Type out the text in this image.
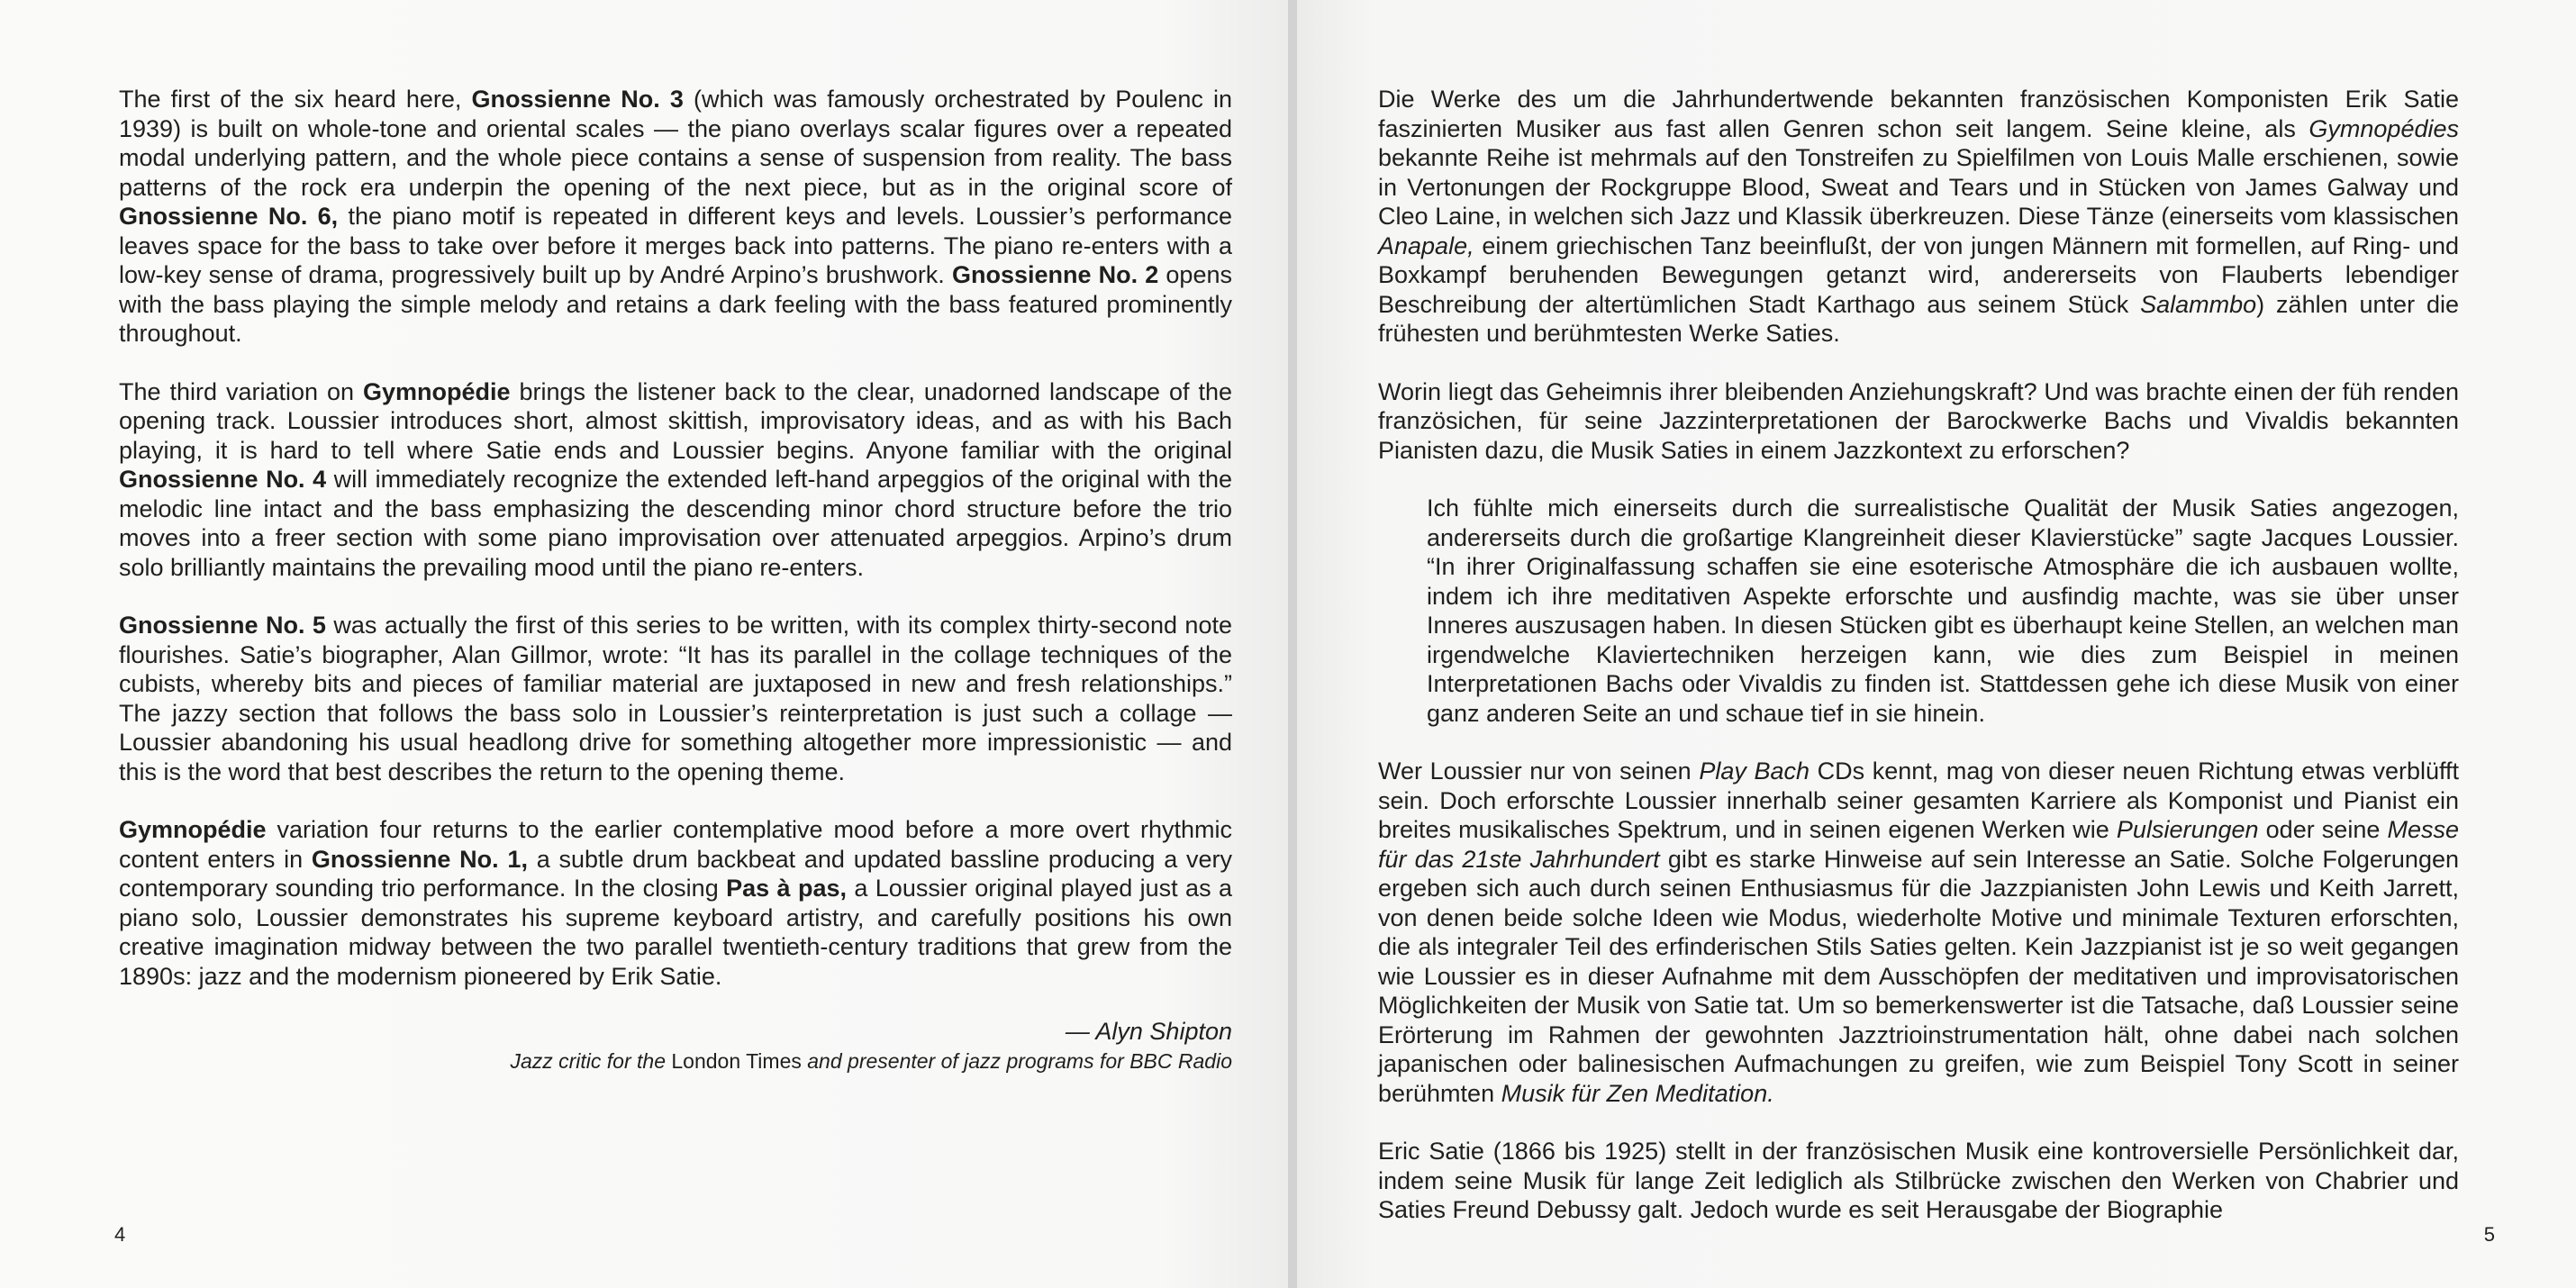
The first of the six heard here, Gnossienne No. 3 (which was famously orchestrated by Poulenc in 1939) is built on whole-tone and oriental scales — the piano overlays scalar figures over a repeated modal underlying pattern, and the whole piece contains a sense of suspension from reality. The bass patterns of the rock era underpin the opening of the next piece, but as in the original score of Gnossienne No. 6, the piano motif is repeated in different keys and levels. Loussier’s performance leaves space for the bass to take over before it merges back into patterns. The piano re-enters with a low-key sense of drama, progressively built up by André Arpino’s brushwork. Gnossienne No. 2 opens with the bass playing the simple melody and retains a dark feeling with the bass featured prominently throughout.

The third variation on Gymnopédie brings the listener back to the clear, unadorned landscape of the opening track. Loussier introduces short, almost skittish, improvisatory ideas, and as with his Bach playing, it is hard to tell where Satie ends and Loussier begins. Anyone familiar with the original Gnossienne No. 4 will immediately recognize the extended left-hand arpeggios of the original with the melodic line intact and the bass emphasizing the descending minor chord structure before the trio moves into a freer section with some piano improvisation over attenuated arpeggios. Arpino’s drum solo brilliantly maintains the prevailing mood until the piano re-enters.

Gnossienne No. 5 was actually the first of this series to be written, with its complex thirty-second note flourishes. Satie’s biographer, Alan Gillmor, wrote: “It has its parallel in the collage techniques of the cubists, whereby bits and pieces of familiar material are juxtaposed in new and fresh relationships.” The jazzy section that follows the bass solo in Loussier’s reinterpretation is just such a collage — Loussier abandoning his usual headlong drive for something altogether more impressionistic — and this is the word that best describes the return to the opening theme.

Gymnopédie variation four returns to the earlier contemplative mood before a more overt rhythmic content enters in Gnossienne No. 1, a subtle drum backbeat and updated bassline producing a very contemporary sounding trio performance. In the closing Pas à pas, a Loussier original played just as a piano solo, Loussier demonstrates his supreme keyboard artistry, and carefully positions his own creative imagination midway between the two parallel twentieth-century traditions that grew from the 1890s: jazz and the modernism pioneered by Erik Satie.

— Alyn Shipton
Jazz critic for the London Times and presenter of jazz programs for BBC Radio
4

Die Werke des um die Jahrhundertwende bekannten französischen Komponisten Erik Satie faszinierten Musiker aus fast allen Genren schon seit langem. Seine kleine, als Gymnopédies bekannte Reihe ist mehrmals auf den Tonstreifen zu Spielfilmen von Louis Malle erschienen, sowie in Vertonungen der Rockgruppe Blood, Sweat and Tears und in Stücken von James Galway und Cleo Laine, in welchen sich Jazz und Klassik überkreuzen. Diese Tänze (einerseits vom klassischen Anapale, einem griechischen Tanz beeinflußt, der von jungen Männern mit formellen, auf Ring- und Boxkampf beruhenden Bewegungen getanzt wird, andererseits von Flauberts lebendiger Beschreibung der altertümlichen Stadt Karthago aus seinem Stück Salammbo) zählen unter die frühesten und berühmtesten Werke Saties.

Worin liegt das Geheimnis ihrer bleibenden Anziehungskraft? Und was brachte einen der füh renden französichen, für seine Jazzinterpretationen der Barockwerke Bachs und Vivaldis bekannten Pianisten dazu, die Musik Saties in einem Jazzkontext zu erforschen?

Ich fühlte mich einerseits durch die surrealistische Qualität der Musik Saties angezogen, andererseits durch die großartige Klangreinheit dieser Klavierstücke” sagte Jacques Loussier. “In ihrer Originalfassung schaffen sie eine esoterische Atmosphäre die ich ausbauen wollte, indem ich ihre meditativen Aspekte erforschte und ausfindig machte, was sie über unser Inneres auszusagen haben. In diesen Stücken gibt es überhaupt keine Stellen, an welchen man irgendwelche Klaviertechniken herzeigen kann, wie dies zum Beispiel in meinen Interpretationen Bachs oder Vivaldis zu finden ist. Stattdessen gehe ich diese Musik von einer ganz anderen Seite an und schaue tief in sie hinein.

Wer Loussier nur von seinen Play Bach CDs kennt, mag von dieser neuen Richtung etwas verblüfft sein. Doch erforschte Loussier innerhalb seiner gesamten Karriere als Komponist und Pianist ein breites musikalisches Spektrum, und in seinen eigenen Werken wie Pulsierungen oder seine Messe für das 21ste Jahrhundert gibt es starke Hinweise auf sein Interesse an Satie. Solche Folgerungen ergeben sich auch durch seinen Enthusiasmus für die Jazzpianisten John Lewis und Keith Jarrett, von denen beide solche Ideen wie Modus, wiederholte Motive und minimale Texturen erforschten, die als integraler Teil des erfinderischen Stils Saties gelten. Kein Jazzpianist ist je so weit gegangen wie Loussier es in dieser Aufnahme mit dem Ausschöpfen der meditativen und improvisatorischen Möglichkeiten der Musik von Satie tat. Um so bemerkenswerter ist die Tatsache, daß Loussier seine Erörterung im Rahmen der gewohnten Jazztrioinstrumentation hält, ohne dabei nach solchen japanischen oder balinesischen Aufmachungen zu greifen, wie zum Beispiel Tony Scott in seiner berühmten Musik für Zen Meditation.

Eric Satie (1866 bis 1925) stellt in der französischen Musik eine kontroversielle Persönlichkeit dar, indem seine Musik für lange Zeit lediglich als Stilbrücke zwischen den Werken von Chabrier und Saties Freund Debussy galt. Jedoch wurde es seit Herausgabe der Biographie

5
